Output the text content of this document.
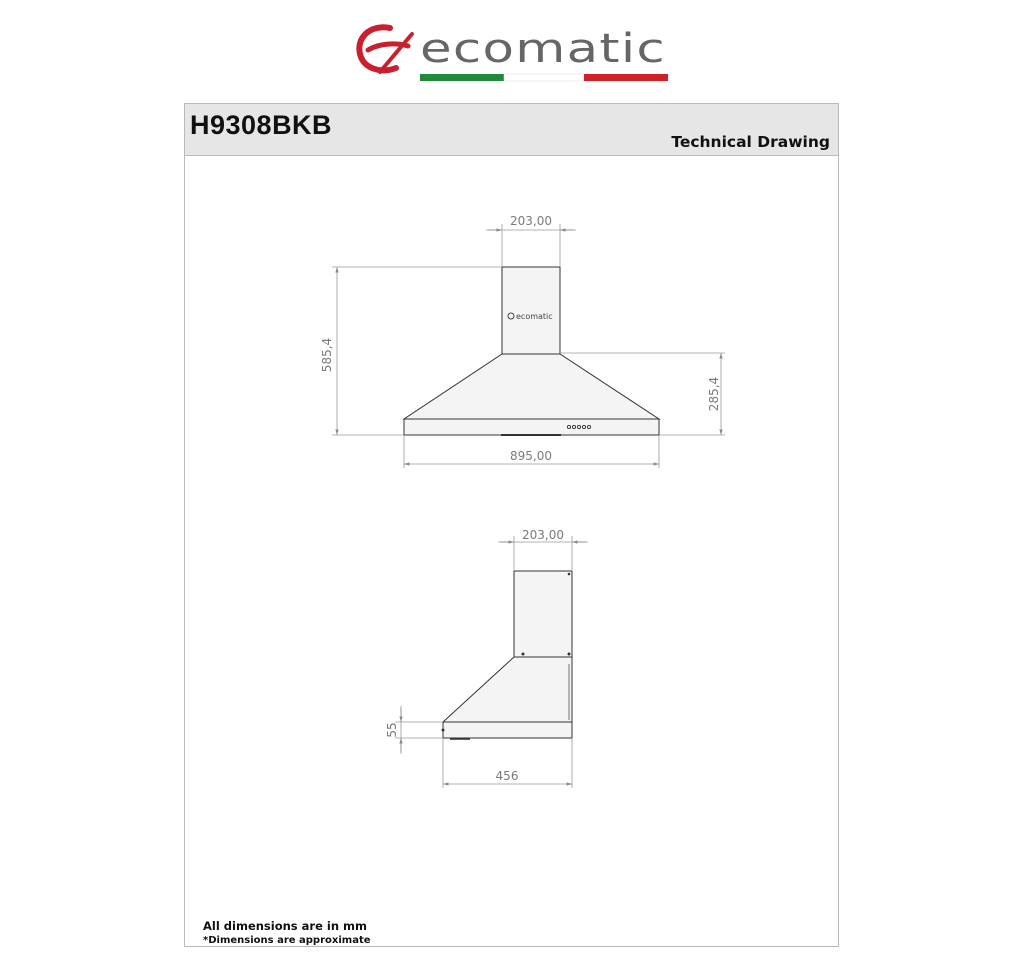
ecomatic
H9308BKB
Technical Drawing
ecomatic
203,00
585,4
285,4
895,00
203,00
55
456
All dimensions are in mm
*Dimensions are approximate
